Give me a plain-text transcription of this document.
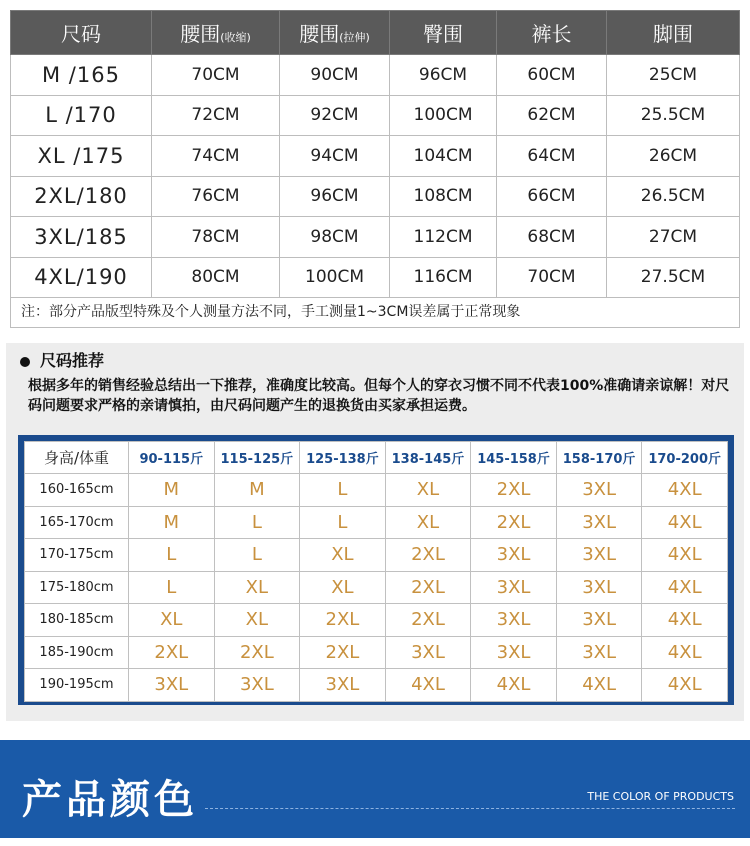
尺码	腰围(收缩)	腰围(拉伸)	臀围	裤长	脚围
M /165	70CM	90CM	96CM	60CM	25CM
L /170	72CM	92CM	100CM	62CM	25.5CM
XL /175	74CM	94CM	104CM	64CM	26CM
2XL/180	76CM	96CM	108CM	66CM	26.5CM
3XL/185	78CM	98CM	112CM	68CM	27CM
4XL/190	80CM	100CM	116CM	70CM	27.5CM
注：部分产品版型特殊及个人测量方法不同，手工测量1~3CM误差属于正常现象
尺码推荐
根据多年的销售经验总结出一下推荐，准确度比较高。但每个人的穿衣习惯不同不代表100%准确请亲谅解！对尺码问题要求严格的亲请慎拍，由尺码问题产生的退换货由买家承担运费。
身高/体重	90-115斤	115-125斤	125-138斤	138-145斤	145-158斤	158-170斤	170-200斤
160-165cm	M	M	L	XL	2XL	3XL	4XL
165-170cm	M	L	L	XL	2XL	3XL	4XL
170-175cm	L	L	XL	2XL	3XL	3XL	4XL
175-180cm	L	XL	XL	2XL	3XL	3XL	4XL
180-185cm	XL	XL	2XL	2XL	3XL	3XL	4XL
185-190cm	2XL	2XL	2XL	3XL	3XL	3XL	4XL
190-195cm	3XL	3XL	3XL	4XL	4XL	4XL	4XL
产品颜色	THE COLOR OF PRODUCTS
